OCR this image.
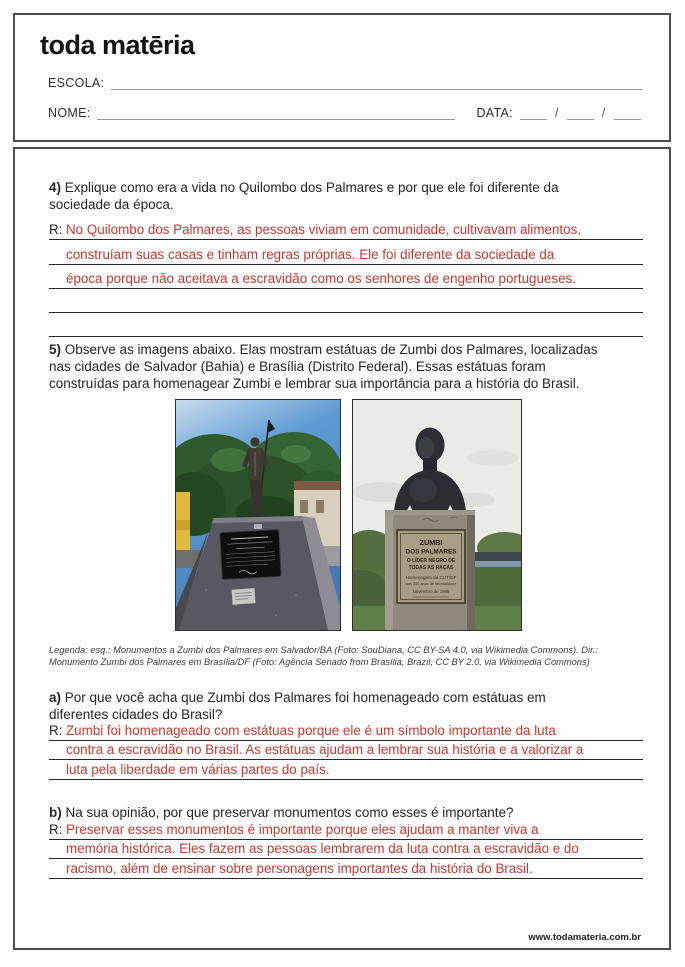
toda matēria
ESCOLA:
NOME:	DATA:	/	/
4) Explique como era a vida no Quilombo dos Palmares e por que ele foi diferente da
sociedade da época.
R: No Quilombo dos Palmares, as pessoas viviam em comunidade, cultivavam alimentos,
construíam suas casas e tinham regras próprias. Ele foi diferente da sociedade da
época porque não aceitava a escravidão como os senhores de engenho portugueses.
5) Observe as imagens abaixo. Elas mostram estátuas de Zumbi dos Palmares, localizadas
nas cidades de Salvador (Bahia) e Brasília (Distrito Federal). Essas estátuas foram
construídas para homenagear Zumbi e lembrar sua importância para a história do Brasil.
ZUMBI
DOS PALMARES
O LÍDER NEGRO DE
TODAS AS RAÇAS
Homenagem da CUT/DF
aos 300 anos de imortalidade
Novembro de 1995
Legenda: esq.: Monumentos a Zumbi dos Palmares em Salvador/BA (Foto: SouDiana, CC BY-SA 4.0, via Wikimedia Commons). Dir.:
Monumento Zumbi dos Palmares em Brasília/DF (Foto: Agência Senado from Brasília, Brazil, CC BY 2.0, via Wikimedia Commons)
a) Por que você acha que Zumbi dos Palmares foi homenageado com estátuas em
diferentes cidades do Brasil?
R: Zumbi foi homenageado com estátuas porque ele é um símbolo importante da luta
contra a escravidão no Brasil. As estátuas ajudam a lembrar sua história e a valorizar a
luta pela liberdade em várias partes do país.
b) Na sua opinião, por que preservar monumentos como esses é importante?
R: Preservar esses monumentos é importante porque eles ajudam a manter viva a
memória histórica. Eles fazem as pessoas lembrarem da luta contra a escravidão e do
racismo, além de ensinar sobre personagens importantes da história do Brasil.
www.todamateria.com.br
